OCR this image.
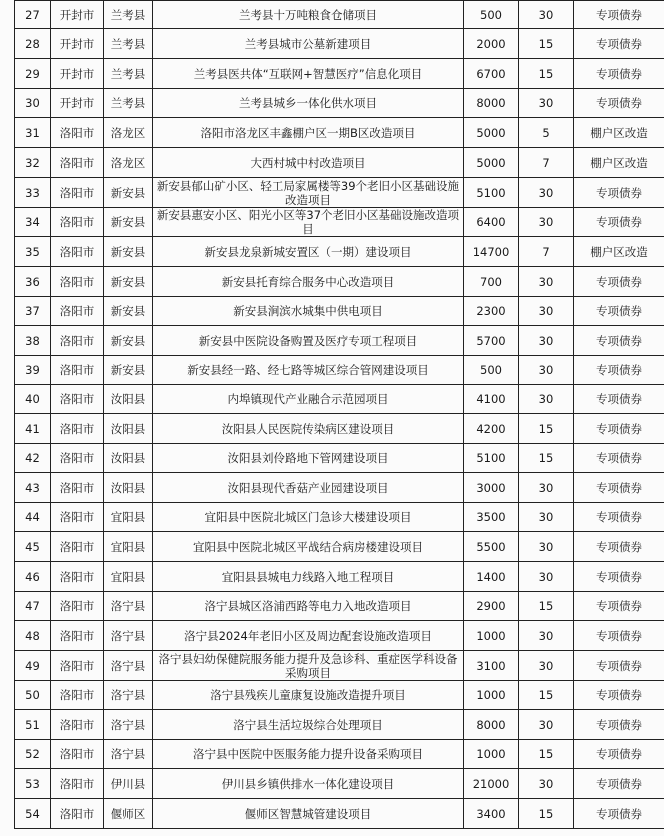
27	开封市	兰考县	兰考县十万吨粮食仓储项目	500	30	专项债券
28	开封市	兰考县	兰考县城市公墓新建项目	2000	15	专项债券
29	开封市	兰考县	兰考县医共体“互联网+智慧医疗”信息化项目	6700	15	专项债券
30	开封市	兰考县	兰考县城乡一体化供水项目	8000	30	专项债券
31	洛阳市	洛龙区	洛阳市洛龙区丰鑫棚户区一期B区改造项目	5000	5	棚户区改造
32	洛阳市	洛龙区	大西村城中村改造项目	5000	7	棚户区改造
33	洛阳市	新安县	新安县郁山矿小区、轻工局家属楼等39个老旧小区基础设施改造项目	5100	30	专项债券
34	洛阳市	新安县	新安县惠安小区、阳光小区等37个老旧小区基础设施改造项目	6400	30	专项债券
35	洛阳市	新安县	新安县龙泉新城安置区（一期）建设项目	14700	7	棚户区改造
36	洛阳市	新安县	新安县托育综合服务中心改造项目	700	30	专项债券
37	洛阳市	新安县	新安县涧滨水城集中供电项目	2300	30	专项债券
38	洛阳市	新安县	新安县中医院设备购置及医疗专项工程项目	5700	30	专项债券
39	洛阳市	新安县	新安县经一路、经七路等城区综合管网建设项目	500	30	专项债券
40	洛阳市	汝阳县	内埠镇现代产业融合示范园项目	4100	30	专项债券
41	洛阳市	汝阳县	汝阳县人民医院传染病区建设项目	4200	15	专项债券
42	洛阳市	汝阳县	汝阳县刘伶路地下管网建设项目	5100	15	专项债券
43	洛阳市	汝阳县	汝阳县现代香菇产业园建设项目	3000	30	专项债券
44	洛阳市	宜阳县	宜阳县中医院北城区门急诊大楼建设项目	3500	30	专项债券
45	洛阳市	宜阳县	宜阳县中医院北城区平战结合病房楼建设项目	5500	30	专项债券
46	洛阳市	宜阳县	宜阳县县城电力线路入地工程项目	1400	30	专项债券
47	洛阳市	洛宁县	洛宁县城区洛浦西路等电力入地改造项目	2900	15	专项债券
48	洛阳市	洛宁县	洛宁县2024年老旧小区及周边配套设施改造项目	1000	30	专项债券
49	洛阳市	洛宁县	洛宁县妇幼保健院服务能力提升及急诊科、重症医学科设备采购项目	3100	30	专项债券
50	洛阳市	洛宁县	洛宁县残疾儿童康复设施改造提升项目	1000	15	专项债券
51	洛阳市	洛宁县	洛宁县生活垃圾综合处理项目	8000	30	专项债券
52	洛阳市	洛宁县	洛宁县中医院中医服务能力提升设备采购项目	1000	15	专项债券
53	洛阳市	伊川县	伊川县乡镇供排水一体化建设项目	21000	30	专项债券
54	洛阳市	偃师区	偃师区智慧城管建设项目	3400	15	专项债券
